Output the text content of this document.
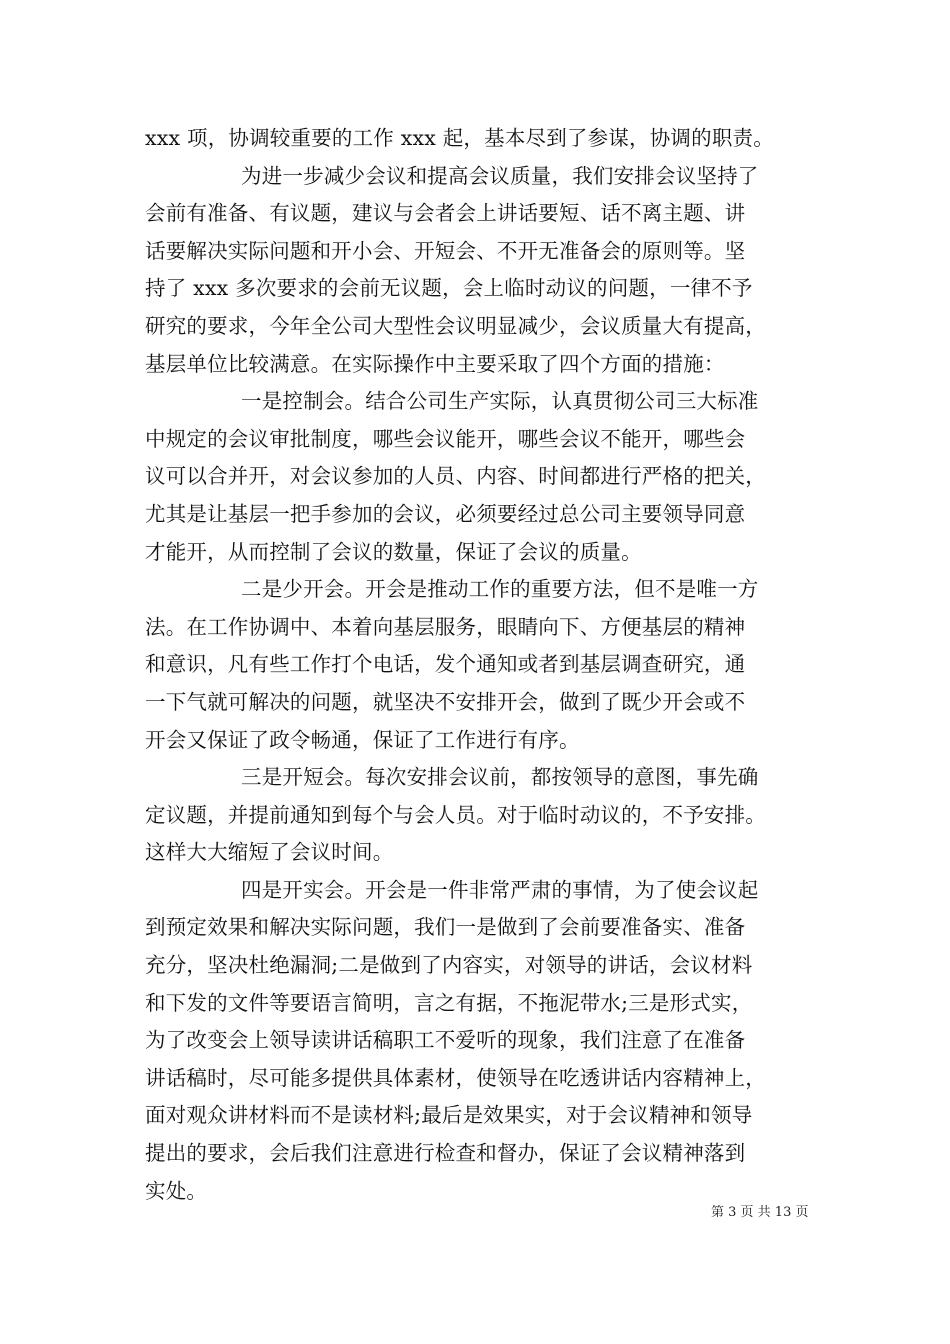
xxx 项，协调较重要的工作 xxx 起，基本尽到了参谋，协调的职责。
为进一步减少会议和提高会议质量，我们安排会议坚持了
会前有准备、有议题，建议与会者会上讲话要短、话不离主题、讲
话要解决实际问题和开小会、开短会、不开无准备会的原则等。坚
持了 xxx 多次要求的会前无议题，会上临时动议的问题，一律不予
研究的要求，今年全公司大型性会议明显减少，会议质量大有提高，
基层单位比较满意。在实际操作中主要采取了四个方面的措施：
一是控制会。结合公司生产实际，认真贯彻公司三大标准
中规定的会议审批制度，哪些会议能开，哪些会议不能开，哪些会
议可以合并开，对会议参加的人员、内容、时间都进行严格的把关，
尤其是让基层一把手参加的会议，必须要经过总公司主要领导同意
才能开，从而控制了会议的数量，保证了会议的质量。
二是少开会。开会是推动工作的重要方法，但不是唯一方
法。在工作协调中、本着向基层服务，眼睛向下、方便基层的精神
和意识，凡有些工作打个电话，发个通知或者到基层调查研究，通
一下气就可解决的问题，就坚决不安排开会，做到了既少开会或不
开会又保证了政令畅通，保证了工作进行有序。
三是开短会。每次安排会议前，都按领导的意图，事先确
定议题，并提前通知到每个与会人员。对于临时动议的，不予安排。
这样大大缩短了会议时间。
四是开实会。开会是一件非常严肃的事情，为了使会议起
到预定效果和解决实际问题，我们一是做到了会前要准备实、准备
充分，坚决杜绝漏洞;二是做到了内容实，对领导的讲话，会议材料
和下发的文件等要语言简明，言之有据，不拖泥带水;三是形式实，
为了改变会上领导读讲话稿职工不爱听的现象，我们注意了在准备
讲话稿时，尽可能多提供具体素材，使领导在吃透讲话内容精神上，
面对观众讲材料而不是读材料;最后是效果实，对于会议精神和领导
提出的要求，会后我们注意进行检查和督办，保证了会议精神落到
实处。
第 3 页 共 13 页
